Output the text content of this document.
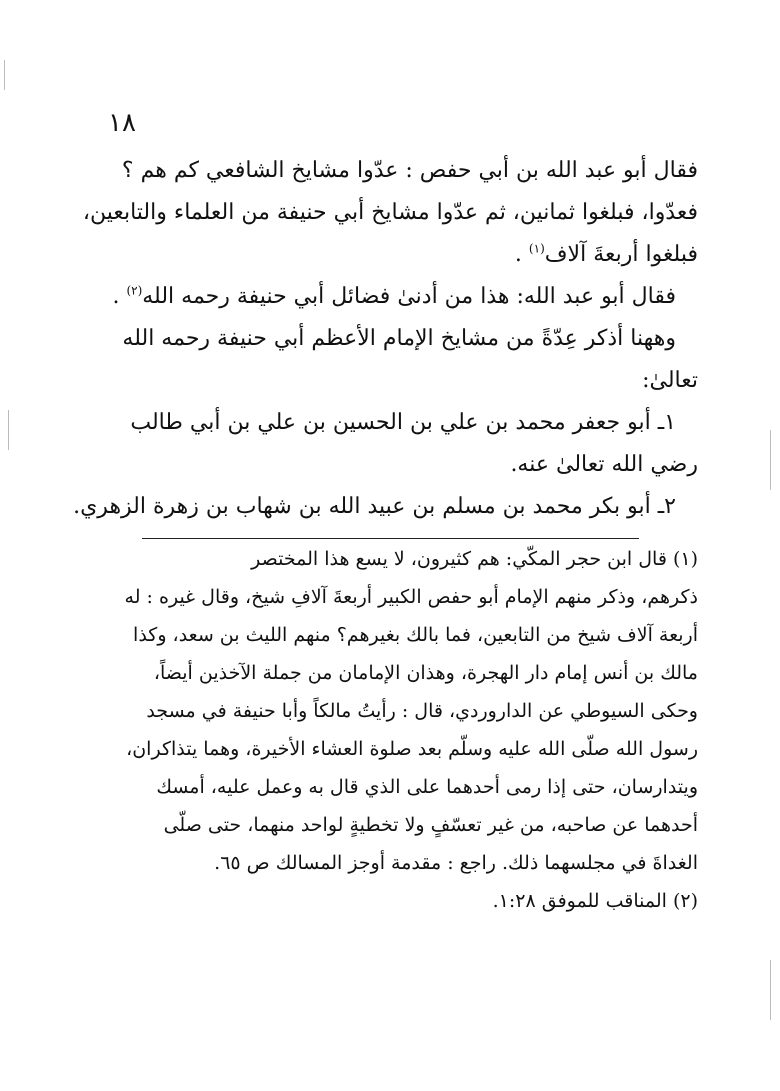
١٨

فقال أبو عبد الله بن أبي حفص : عدّوا مشايخ الشافعي كم هم ؟

فعدّوا، فبلغوا ثمانين، ثم عدّوا مشايخ أبي حنيفة من العلماء والتابعين،

فبلغوا أربعةَ آلاف$^{(١)}$ .

فقال أبو عبد الله: هذا من أدنىٰ فضائل أبي حنيفة رحمه الله$^{(٢)}$ .

وههنا أذكر عِدّةً من مشايخ الإمام الأعظم أبي حنيفة رحمه الله

تعالىٰ:

١ـ أبو جعفر محمد بن علي بن الحسين بن علي بن أبي طالب

رضي الله تعالىٰ عنه.

٢ـ أبو بكر محمد بن مسلم بن عبيد الله بن شهاب بن زهرة الزهري.

(١) قال ابن حجر المكّي: هم كثيرون، لا يسع هذا المختصر

ذكرهم، وذكر منهم الإمام أبو حفص الكبير أربعةَ آلافِ شيخ، وقال غيره : له

أربعة آلاف شيخ من التابعين، فما بالك بغيرهم؟ منهم الليث بن سعد، وكذا

مالك بن أنس إمام دار الهجرة، وهذان الإمامان من جملة الآخذين أيضاً،

وحكى السيوطي عن الداروردي، قال : رأيتُ مالكاً وأبا حنيفة في مسجد

رسول الله صلّى الله عليه وسلّم بعد صلوة العشاء الأخيرة، وهما يتذاكران،

ويتدارسان، حتى إذا رمى أحدهما على الذي قال به وعمل عليه، أمسك

أحدهما عن صاحبه، من غير تعسّفٍ ولا تخطيةٍ لواحد منهما، حتى صلّى

الغداةَ في مجلسهما ذلك. راجع : مقدمة أوجز المسالك ص ٦٥.

(٢) المناقب للموفق ١:٢٨.
